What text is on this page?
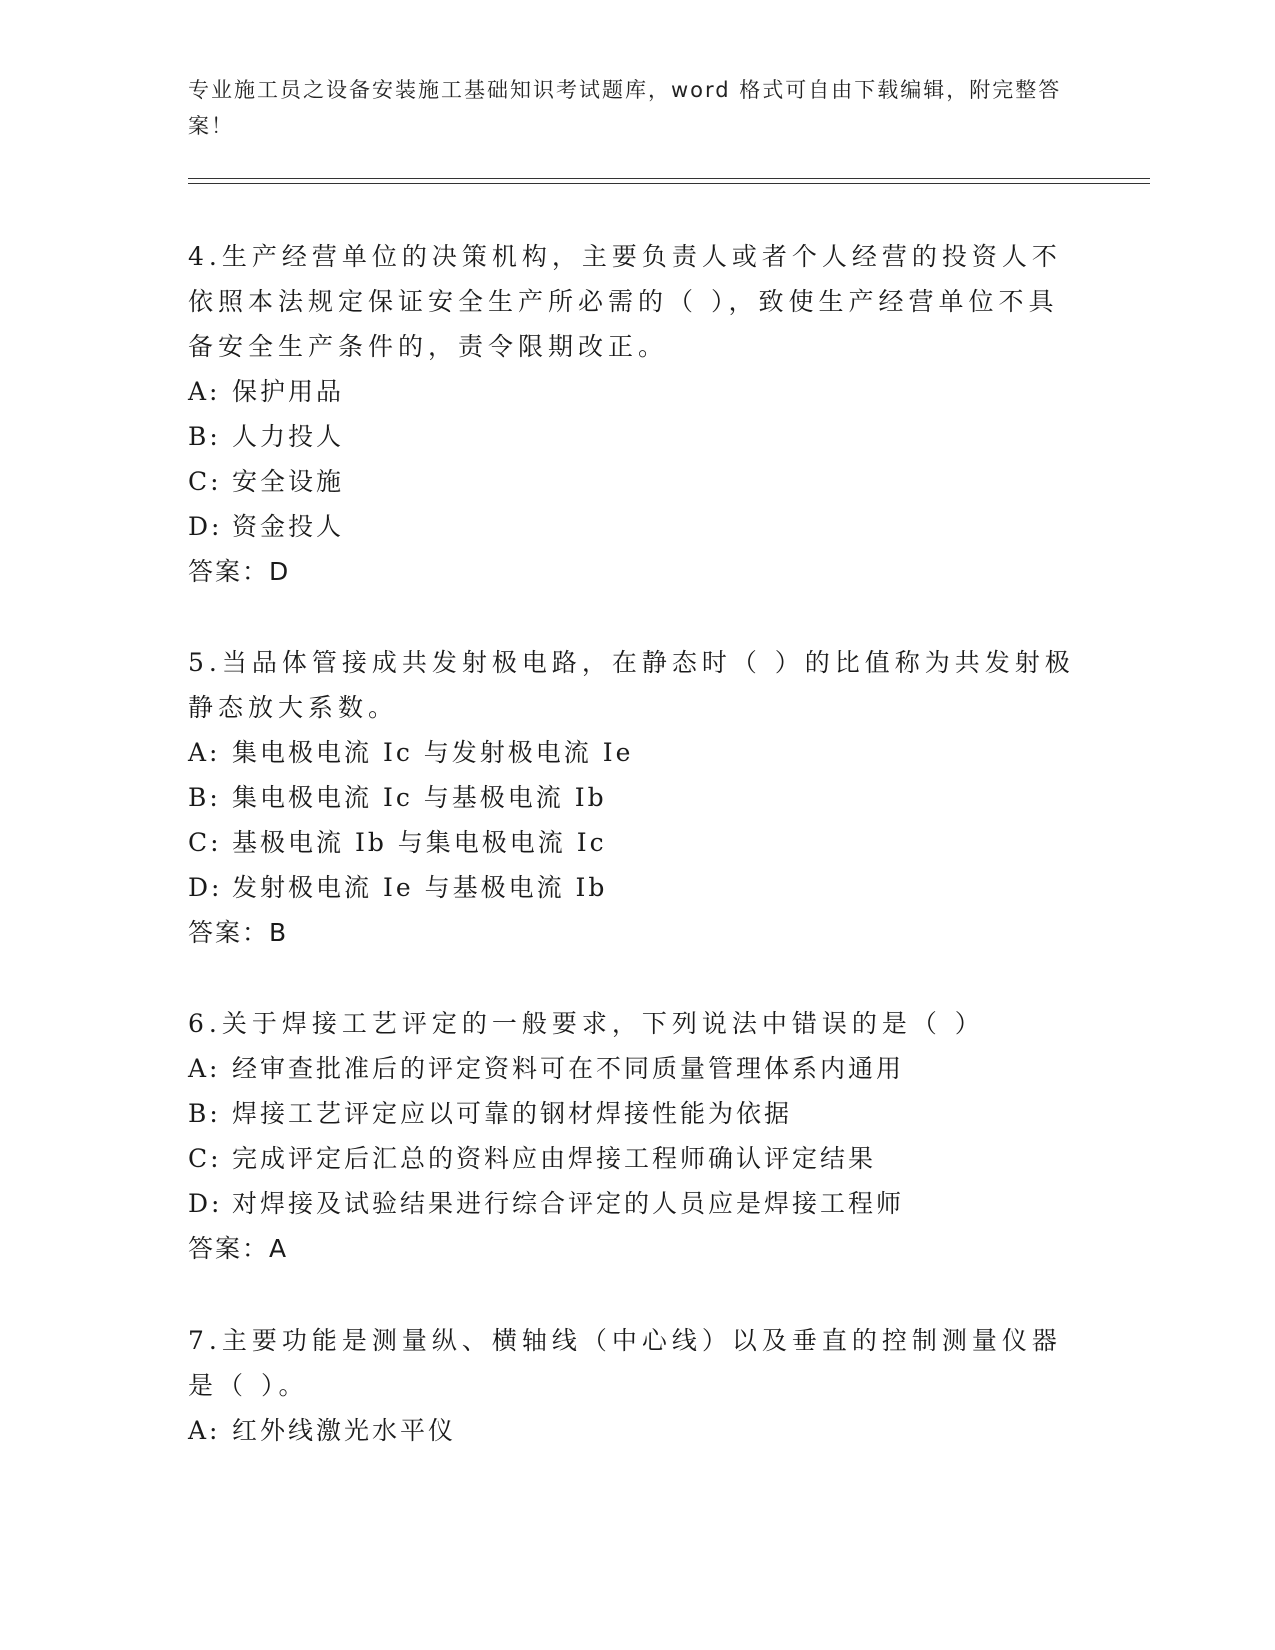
专业施工员之设备安装施工基础知识考试题库，word 格式可自由下载编辑，附完整答案！

4.生产经营单位的决策机构，主要负责人或者个人经营的投资人不依照本法规定保证安全生产所必需的（ ），致使生产经营单位不具备安全生产条件的，责令限期改正。

A: 保护用品

B: 人力投人

C: 安全设施

D: 资金投人

答案：D

5.当品体管接成共发射极电路，在静态时（ ）的比值称为共发射极静态放大系数。

A: 集电极电流 Ic 与发射极电流 Ie

B: 集电极电流 Ic 与基极电流 Ib

C: 基极电流 Ib 与集电极电流 Ic

D: 发射极电流 Ie 与基极电流 Ib

答案：B

6.关于焊接工艺评定的一般要求，下列说法中错误的是（ ）

A: 经审查批准后的评定资料可在不同质量管理体系内通用

B: 焊接工艺评定应以可靠的钢材焊接性能为依据

C: 完成评定后汇总的资料应由焊接工程师确认评定结果

D: 对焊接及试验结果进行综合评定的人员应是焊接工程师

答案：A

7.主要功能是测量纵、横轴线（中心线）以及垂直的控制测量仪器是（ ）。

A: 红外线激光水平仪
